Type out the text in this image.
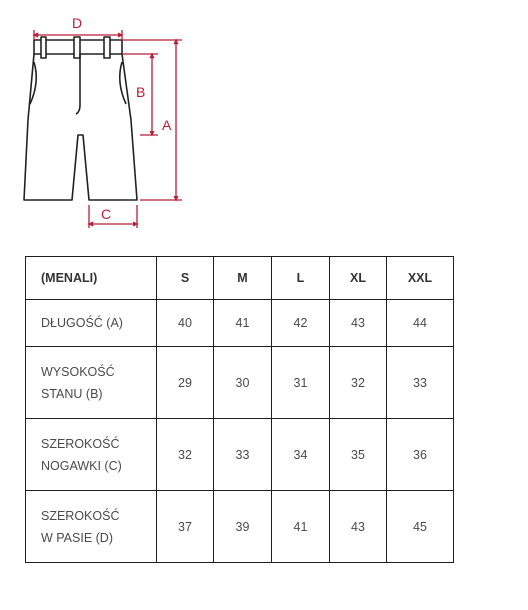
D
B
A
C
(MENALI)	S	M	L	XL	XXL

DŁUGOŚĆ (A)	40	41	42	43	44

WYSOKOŚĆ
STANU (B)	29	30	31	32	33

SZEROKOŚĆ
NOGAWKI (C)	32	33	34	35	36

SZEROKOŚĆ
W PASIE (D)	37	39	41	43	45
